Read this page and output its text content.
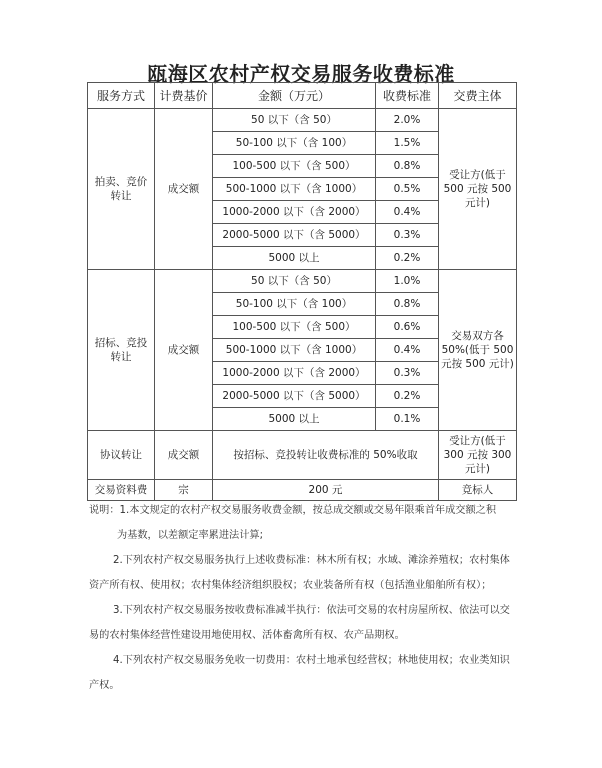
瓯海区农村产权交易服务收费标准
服务方式	计费基价	金额（万元）	收费标准	交费主体
拍卖、竞价转让	成交额	50 以下（含 50）	2.0%	受让方(低于500 元按 500 元计)
		50-100 以下（含 100）	1.5%	
		100-500 以下（含 500）	0.8%	
		500-1000 以下（含 1000）	0.5%	
		1000-2000 以下（含 2000）	0.4%	
		2000-5000 以下（含 5000）	0.3%	
		5000 以上	0.2%	
招标、竞投转让	成交额	50 以下（含 50）	1.0%	交易双方各50%(低于 500元按 500 元计)
		50-100 以下（含 100）	0.8%	
		100-500 以下（含 500）	0.6%	
		500-1000 以下（含 1000）	0.4%	
		1000-2000 以下（含 2000）	0.3%	
		2000-5000 以下（含 5000）	0.2%	
		5000 以上	0.1%	
协议转让	成交额	按招标、竞投转让收费标准的 50%收取		受让方(低于300 元按 300 元计)
交易资料费	宗	200 元		竞标人
说明：1.本文规定的农村产权交易服务收费金额，按总成交额或交易年限乘首年成交额之积
为基数，以差额定率累进法计算;
2.下列农村产权交易服务执行上述收费标准：林木所有权；水域、滩涂养殖权；农村集体资产所有权、使用权；农村集体经济组织股权；农业装备所有权（包括渔业船舶所有权）；
3.下列农村产权交易服务按收费标准减半执行：依法可交易的农村房屋所权、依法可以交易的农村集体经营性建设用地使用权、活体畜禽所有权、农产品期权。
4.下列农村产权交易服务免收一切费用：农村土地承包经营权；林地使用权；农业类知识产权。
